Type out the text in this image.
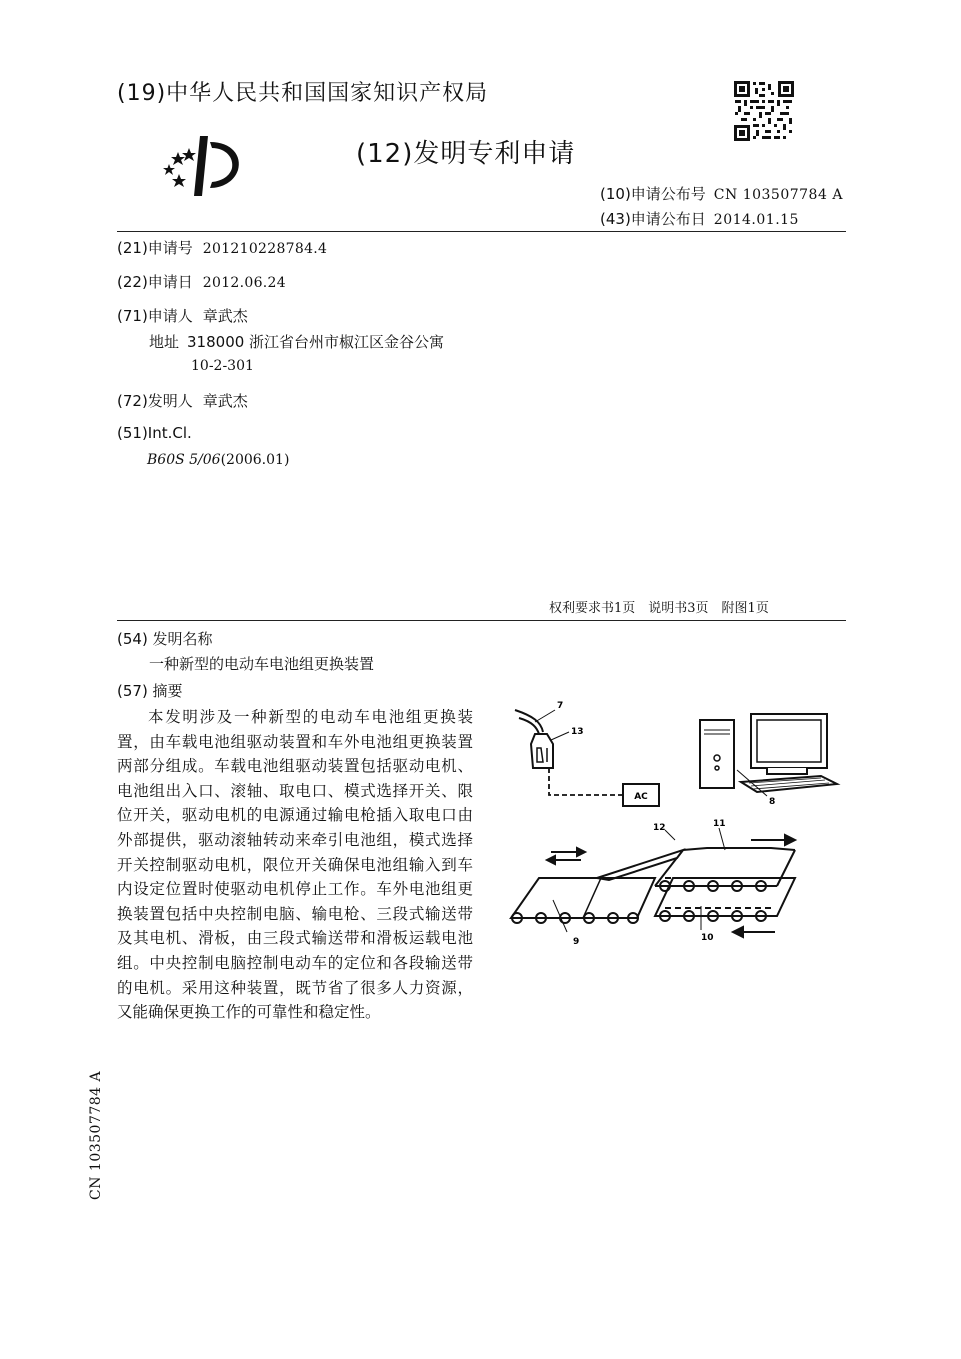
(19)中华人民共和国国家知识产权局
(12)发明专利申请
(10)申请公布号 CN 103507784 A
(43)申请公布日 2014.01.15
(21)申请号 201210228784.4
(22)申请日 2012.06.24
(71)申请人 章武杰
地址 318000 浙江省台州市椒江区金谷公寓
10-2-301
(72)发明人 章武杰
(51)Int.Cl.
B60S 5/06(2006.01)
权利要求书1页　说明书3页　附图1页
(54) 发明名称
一种新型的电动车电池组更换装置
(57) 摘要
本发明涉及一种新型的电动车电池组更换装置，由车载电池组驱动装置和车外电池组更换装置两部分组成。车载电池组驱动装置包括驱动电机、电池组出入口、滚轴、取电口、模式选择开关、限位开关，驱动电机的电源通过输电枪插入取电口由外部提供，驱动滚轴转动来牵引电池组，模式选择开关控制驱动电机，限位开关确保电池组输入到车内设定位置时使驱动电机停止工作。车外电池组更换装置包括中央控制电脑、输电枪、三段式输送带及其电机、滑板，由三段式输送带和滑板运载电池组。中央控制电脑控制电动车的定位和各段输送带的电机。采用这种装置，既节省了很多人力资源，又能确保更换工作的可靠性和稳定性。
AC
7
13
8
12	11
9	10
CN 103507784 A
